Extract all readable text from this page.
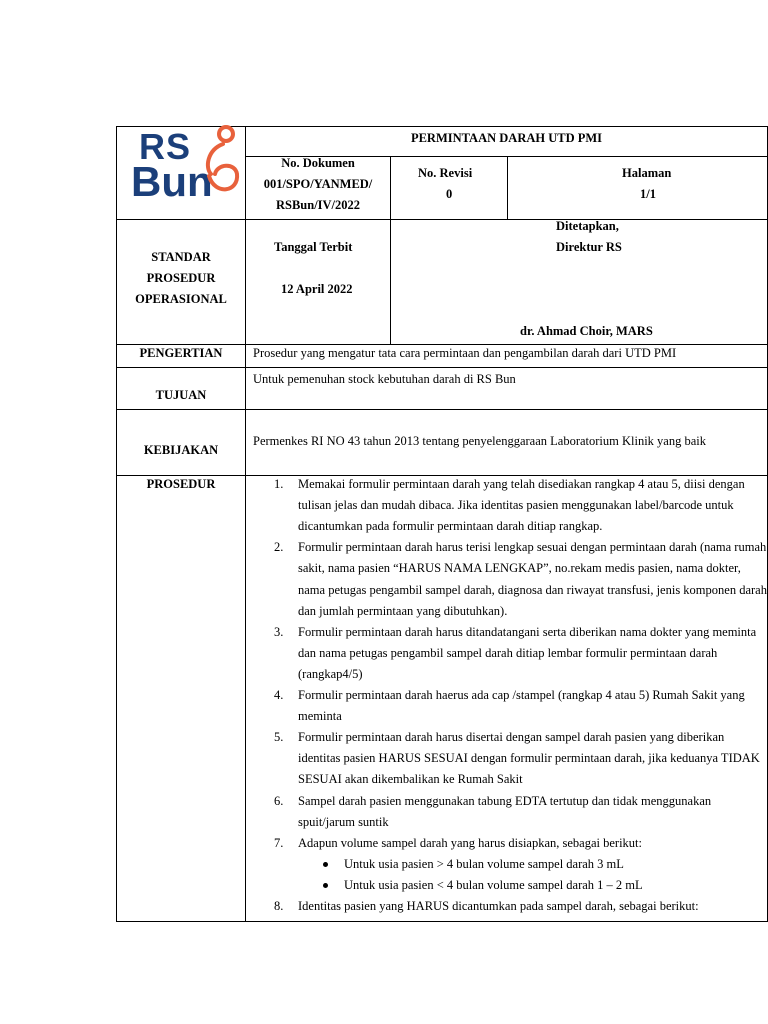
RS
Bun
PERMINTAAN DARAH UTD PMI
No. Dokumen
001/SPO/YANMED/
RSBun/IV/2022
No. Revisi
0
Halaman
1/1
STANDAR
PROSEDUR
OPERASIONAL
Tanggal Terbit
12 April 2022
Ditetapkan,
Direktur RS
dr. Ahmad Choir, MARS
PENGERTIAN	Prosedur yang mengatur tata cara permintaan dan pengambilan darah dari UTD PMI
TUJUAN
Untuk pemenuhan stock kebutuhan darah di RS Bun
KEBIJAKAN
Permenkes RI NO 43 tahun 2013 tentang penyelenggaraan Laboratorium Klinik yang baik
PROSEDUR	1. Memakai formulir permintaan darah yang telah disediakan rangkap 4 atau 5, diisi dengan
tulisan jelas dan mudah dibaca. Jika identitas pasien menggunakan label/barcode untuk
dicantumkan pada formulir permintaan darah ditiap rangkap.
2. Formulir permintaan darah harus terisi lengkap sesuai dengan permintaan darah (nama rumah
sakit, nama pasien “HARUS NAMA LENGKAP”, no.rekam medis pasien, nama dokter,
nama petugas pengambil sampel darah, diagnosa dan riwayat transfusi, jenis komponen darah
dan jumlah permintaan yang dibutuhkan).
3. Formulir permintaan darah harus ditandatangani serta diberikan nama dokter yang meminta
dan nama petugas pengambil sampel darah ditiap lembar formulir permintaan darah
(rangkap4/5)
4. Formulir permintaan darah haerus ada cap /stampel (rangkap 4 atau 5) Rumah Sakit yang
meminta
5. Formulir permintaan darah harus disertai dengan sampel darah pasien yang diberikan
identitas pasien HARUS SESUAI dengan formulir permintaan darah, jika keduanya TIDAK
SESUAI akan dikembalikan ke Rumah Sakit
6. Sampel darah pasien menggunakan tabung EDTA tertutup dan tidak menggunakan
spuit/jarum suntik
7. Adapun volume sampel darah yang harus disiapkan, sebagai berikut:
Untuk usia pasien > 4 bulan volume sampel darah 3 mL
Untuk usia pasien < 4 bulan volume sampel darah 1 – 2 mL
8. Identitas pasien yang HARUS dicantumkan pada sampel darah, sebagai berikut:
